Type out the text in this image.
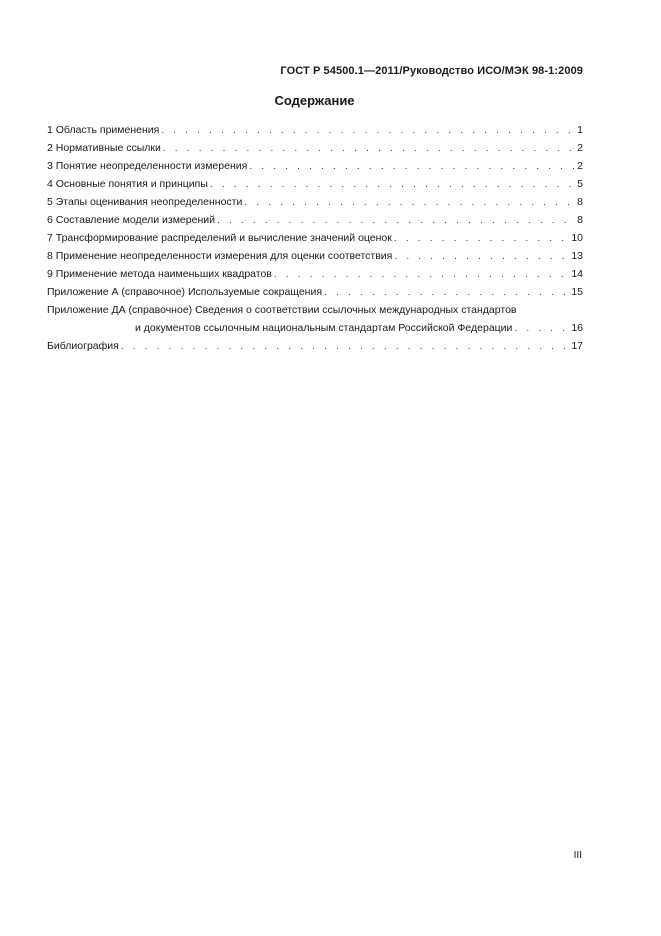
ГОСТ Р 54500.1—2011/Руководство ИСО/МЭК 98-1:2009
Содержание
1 Область применения . . .	1
2 Нормативные ссылки . . .	2
3 Понятие неопределенности измерения . . .	2
4 Основные понятия и принципы . . .	5
5 Этапы оценивания неопределенности . . .	8
6 Составление модели измерений . . .	8
7 Трансформирование распределений и вычисление значений оценок . . .	10
8 Применение неопределенности измерения для оценки соответствия . . .	13
9 Применение метода наименьших квадратов . . .	14
Приложение А (справочное) Используемые сокращения . . .	15
Приложение ДА (справочное) Сведения о соответствии ссылочных международных стандартов
и документов ссылочным национальным стандартам Российской Федерации . . .	16
Библиография . . .	17
III
